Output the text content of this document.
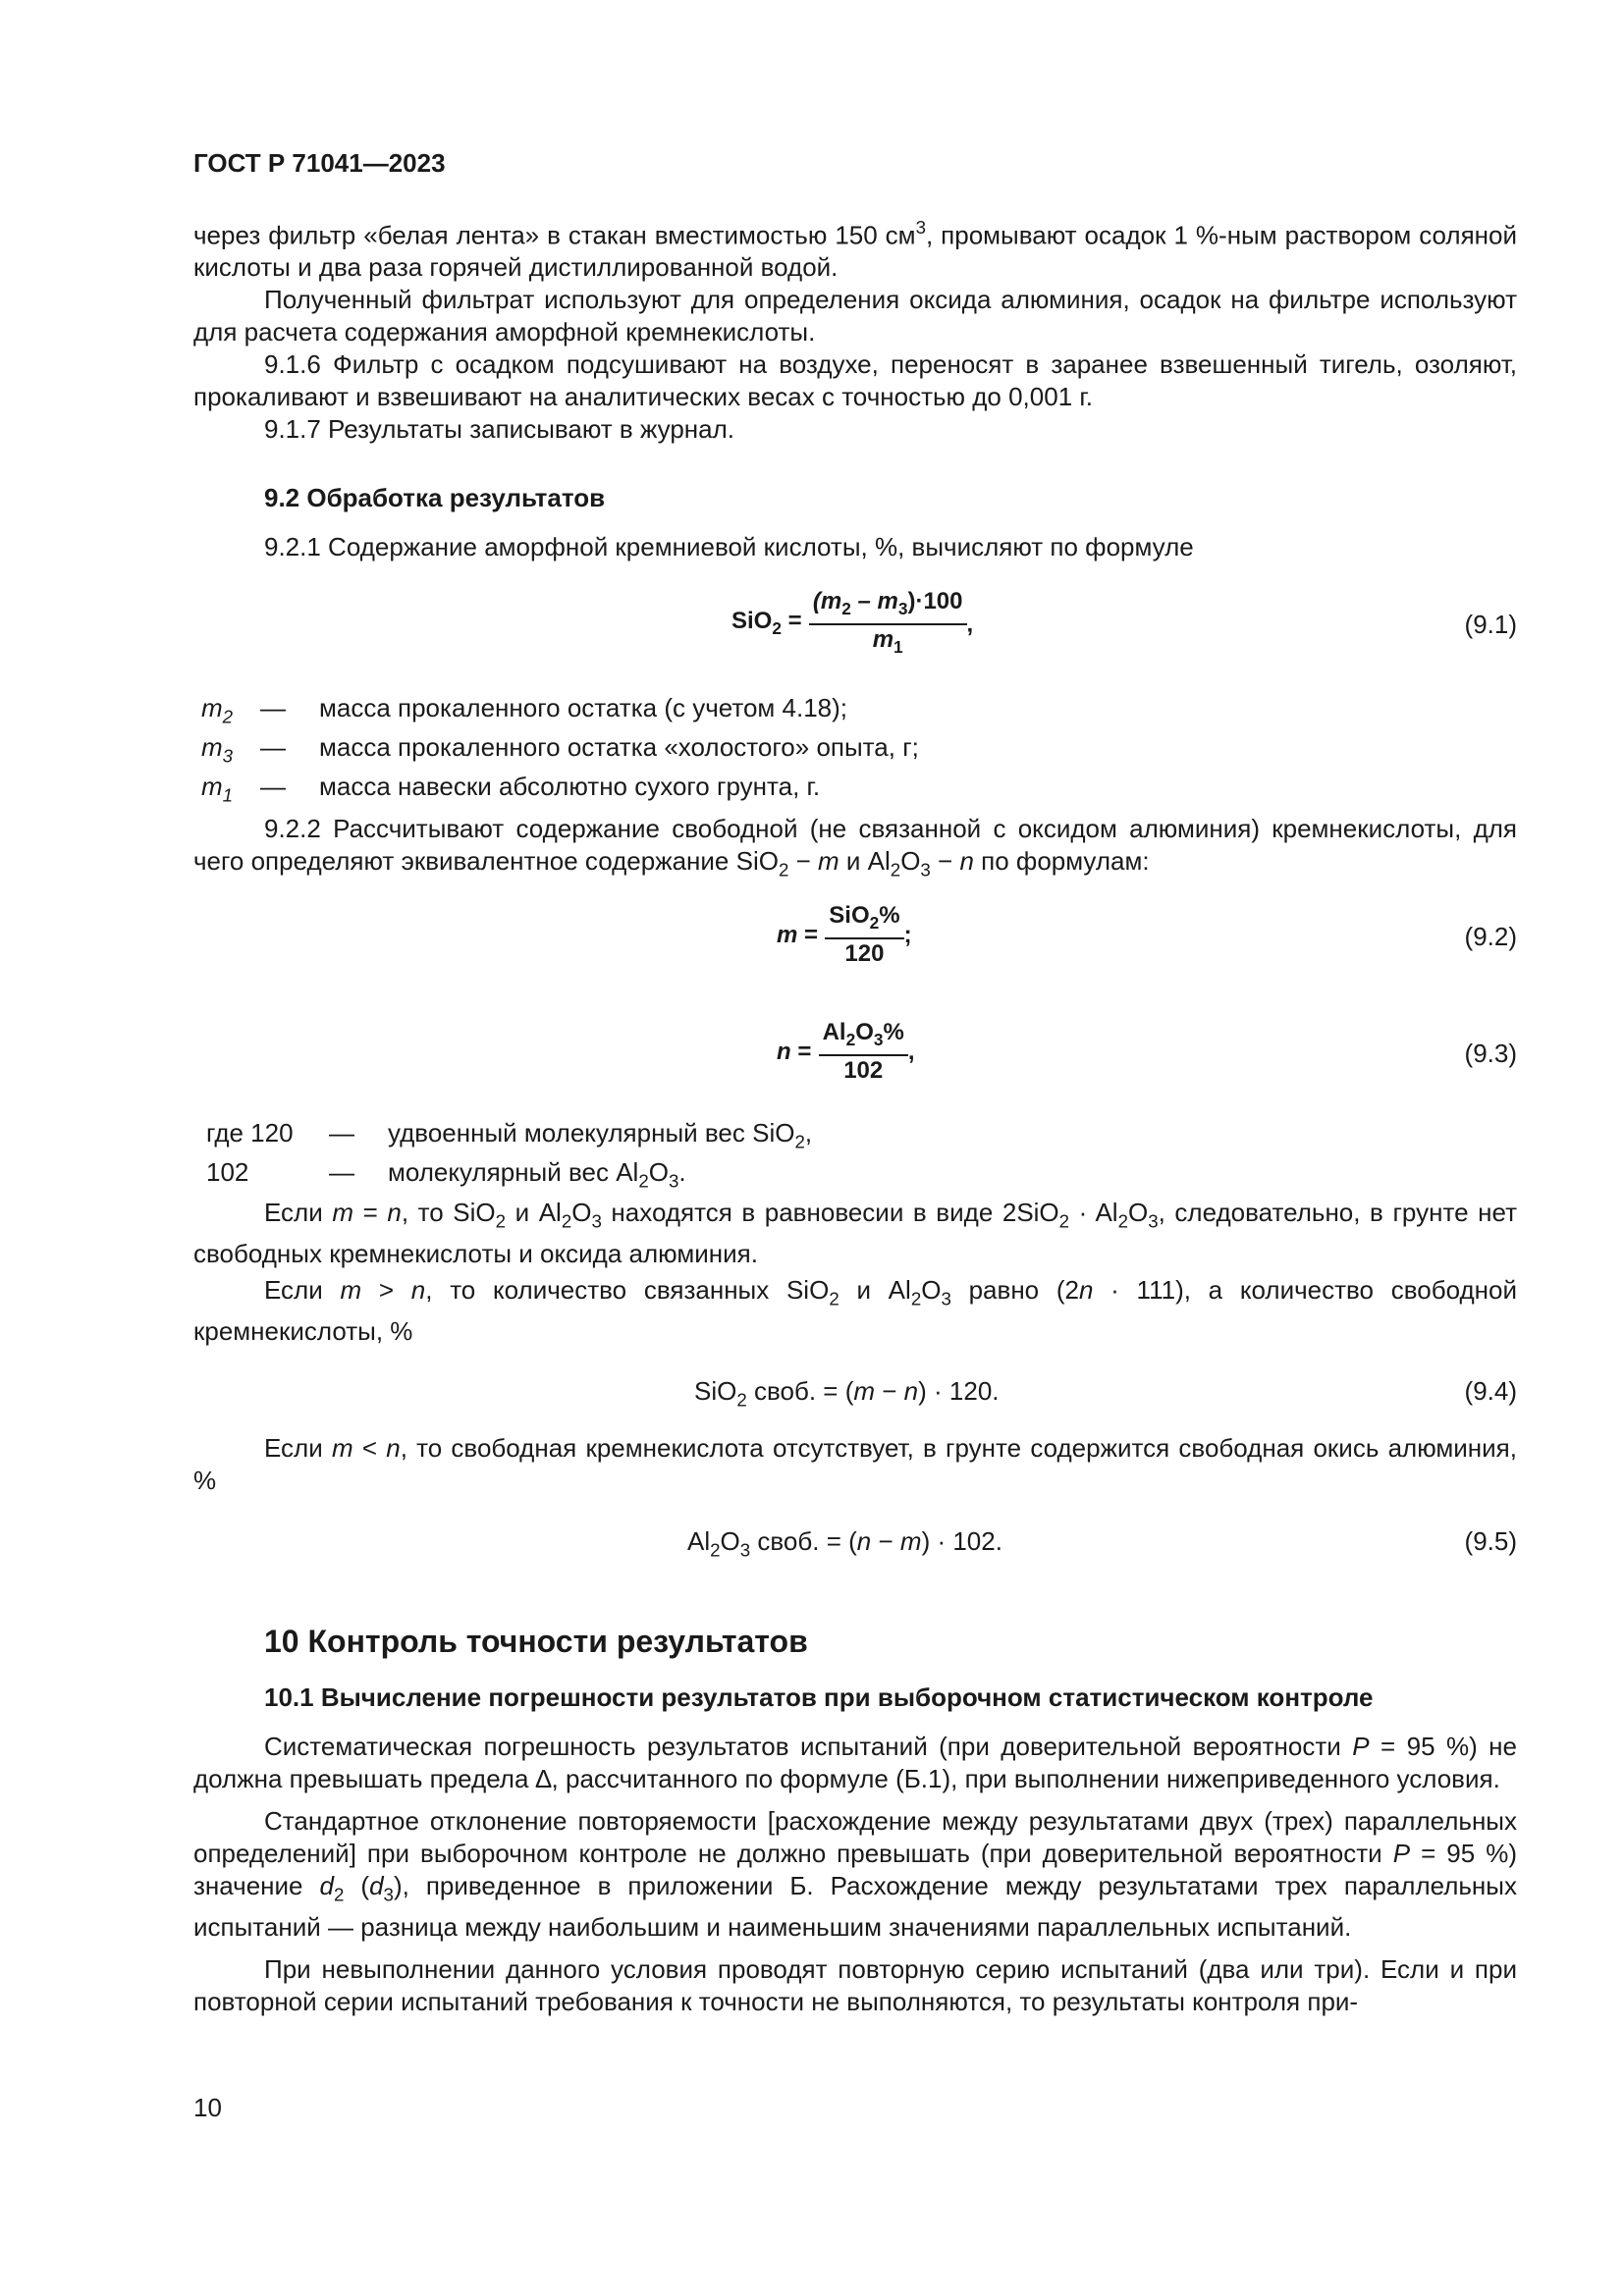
ГОСТ Р 71041—2023

через фильтр «белая лента» в стакан вместимостью 150 $см^3$, промывают осадок 1 %-ным раствором соляной кислоты и два раза горячей дистиллированной водой.

Полученный фильтрат используют для определения оксида алюминия, осадок на фильтре используют для расчета содержания аморфной кремнекислоты.

9.1.6 Фильтр с осадком подсушивают на воздухе, переносят в заранее взвешенный тигель, озоляют, прокаливают и взвешивают на аналитических весах с точностью до 0,001 г.

9.1.7 Результаты записывают в журнал.

9.2 Обработка результатов

9.2.1 Содержание аморфной кремниевой кислоты, %, вычисляют по формуле

$SiO_2 = \frac{(m_2 - m_3)\cdot 100}{m_1}$ ,	(9.1)
$m_2$ — масса прокаленного остатка (с учетом 4.18);
$m_3$ — масса прокаленного остатка «холостого» опыта, г;
$m_1$ — масса навески абсолютно сухого грунта, г.

9.2.2 Рассчитывают содержание свободной (не связанной с оксидом алюминия) кремнекислоты, для чего определяют эквивалентное содержание SiO$_2$ − m и $Al_2O_3 - n$ по формулам:

$m = \frac{SiO_2\%}{120}$ ;	(9.2)
$n = \frac{Al_2O_3\%}{102}$ ,	(9.3)
где 120 — удвоенный молекулярный вес SiO$_2$,
102	— молекулярный вес $Al_2O_3$.

Если m = n, то SiO$_2$ и $Al_2O_3$ находятся в равновесии в виде $2SiO_2 \cdot Al_2O_3$, следовательно, в грунте нет свободных кремнекислоты и оксида алюминия.

Если m > n, то количество связанных SiO$_2$ и $Al_2O_3$ равно (2n · 111), а количество свободной кремнекислоты, %

SiO$_2$ своб. = (m − n) · 120.	(9.4)

Если m < n, то свободная кремнекислота отсутствует, в грунте содержится свободная окись алюминия, %

$Al_2O_3$ своб. = (n − m) · 102.	(9.5)
10 Контроль точности результатов
10.1 Вычисление погрешности результатов при выборочном статистическом контроле

Систематическая погрешность результатов испытаний (при доверительной вероятности P = 95 %) не должна превышать предела ∆, рассчитанного по формуле (Б.1), при выполнении нижеприведенного условия.

Стандартное отклонение повторяемости [расхождение между результатами двух (трех) параллельных определений] при выборочном контроле не должно превышать (при доверительной вероятности P = 95 %) значение $d_2$ $(d_3)$, приведенное в приложении Б. Расхождение между результатами трех параллельных испытаний — разница между наибольшим и наименьшим значениями параллельных испытаний.

При невыполнении данного условия проводят повторную серию испытаний (два или три). Если и при повторной серии испытаний требования к точности не выполняются, то результаты контроля при-

10
